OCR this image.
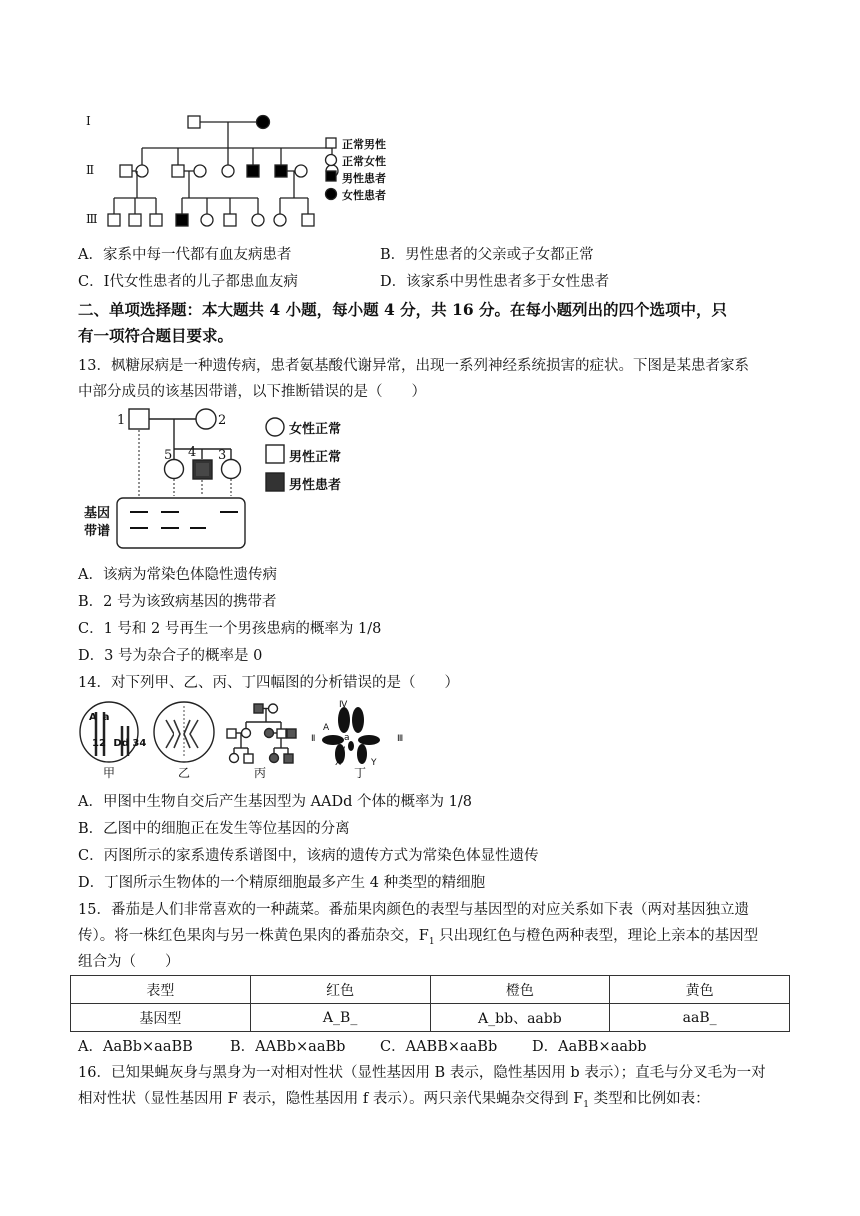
Ⅰ
Ⅱ
Ⅲ
正常男性
正常女性
男性患者
女性患者
A．家系中每一代都有血友病患者	B．男性患者的父亲或子女都正常
C．Ⅰ代女性患者的儿子都患血友病	D．该家系中男性患者多于女性患者
二、单项选择题：本大题共 4 小题，每小题 4 分，共 16 分。在每小题列出的四个选项中，只
有一项符合题目要求。
13．枫糖尿病是一种遗传病，患者氨基酸代谢异常，出现一系列神经系统损害的症状。下图是某患者家系
中部分成员的该基因带谱，以下推断错误的是（　　）
1	2
5 4 3
女性正常
男性正常
男性患者
基因
带谱
A．该病为常染色体隐性遗传病
B．2 号为该致病基因的携带者
C．1 号和 2 号再生一个男孩患病的概率为 1/8
D．3 号为杂合子的概率是 0
14．对下列甲、乙、丙、丁四幅图的分析错误的是（　　）
A a
12 Dd 34
Ⅳ
A
a
Ⅱ	Ⅲ
Ⅴ
X	Y
甲	乙	丙	丁
A．甲图中生物自交后产生基因型为 AADd 个体的概率为 1/8
B．乙图中的细胞正在发生等位基因的分离
C．丙图所示的家系遗传系谱图中，该病的遗传方式为常染色体显性遗传
D．丁图所示生物体的一个精原细胞最多产生 4 种类型的精细胞
15．番茄是人们非常喜欢的一种蔬菜。番茄果肉颜色的表型与基因型的对应关系如下表（两对基因独立遗
传）。将一株红色果肉与另一株黄色果肉的番茄杂交，$F_1$ 只出现红色与橙色两种表型，理论上亲本的基因型
组合为（　　）
表型	红色	橙色	黄色
基因型	A_B_	A_bb、aabb	aaB_
A．AaBb×aaBB	B．AABb×aaBb C．AABB×aaBb D．AaBB×aabb
16．已知果蝇灰身与黑身为一对相对性状（显性基因用 B 表示，隐性基因用 b 表示）；直毛与分叉毛为一对
相对性状（显性基因用 F 表示，隐性基因用 f 表示）。两只亲代果蝇杂交得到 $F_1$ 类型和比例如表：
